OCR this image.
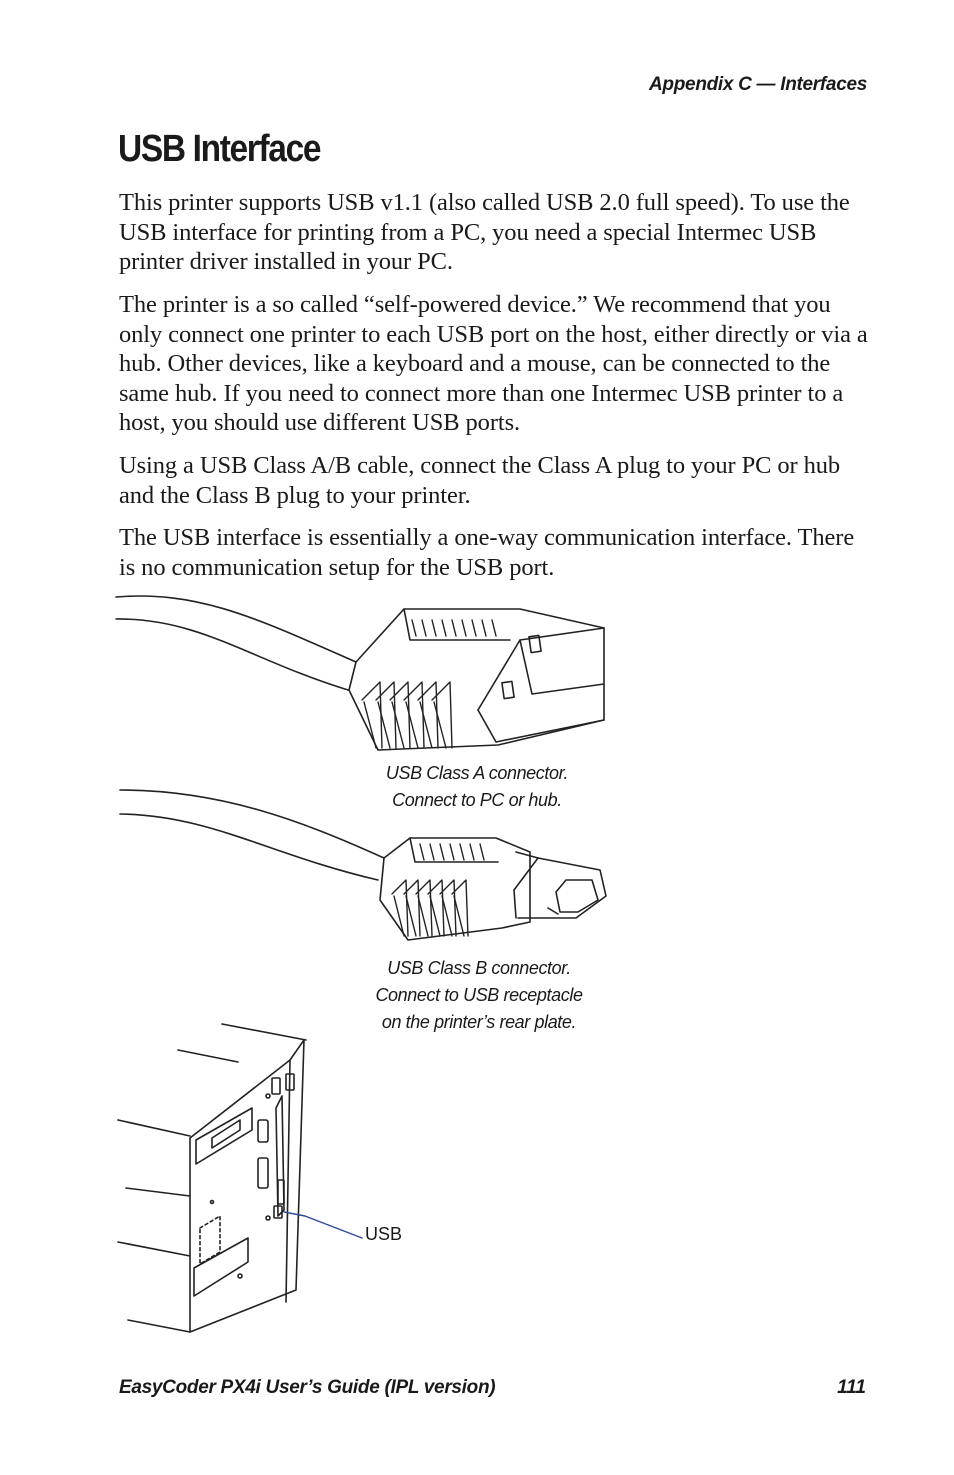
Appendix C — Interfaces
USB Interface

This printer supports USB v1.1 (also called USB 2.0 full speed). To use the USB interface for printing from a PC, you need a special Intermec USB printer driver installed in your PC.

The printer is a so called “self-powered device.” We recommend that you only connect one printer to each USB port on the host, either directly or via a hub. Other devices, like a keyboard and a mouse, can be connected to the same hub. If you need to connect more than one Intermec USB printer to a host, you should use different USB ports.

Using a USB Class A/B cable, connect the Class A plug to your PC or hub and the Class B plug to your printer.

The USB interface is essentially a one-way communication interface. There is no communication setup for the USB port.

USB Class A connector.
Connect to PC or hub.
USB Class B connector.
Connect to USB receptacle
on the printer’s rear plate.
USB
EasyCoder PX4i User’s Guide (IPL version)	111
